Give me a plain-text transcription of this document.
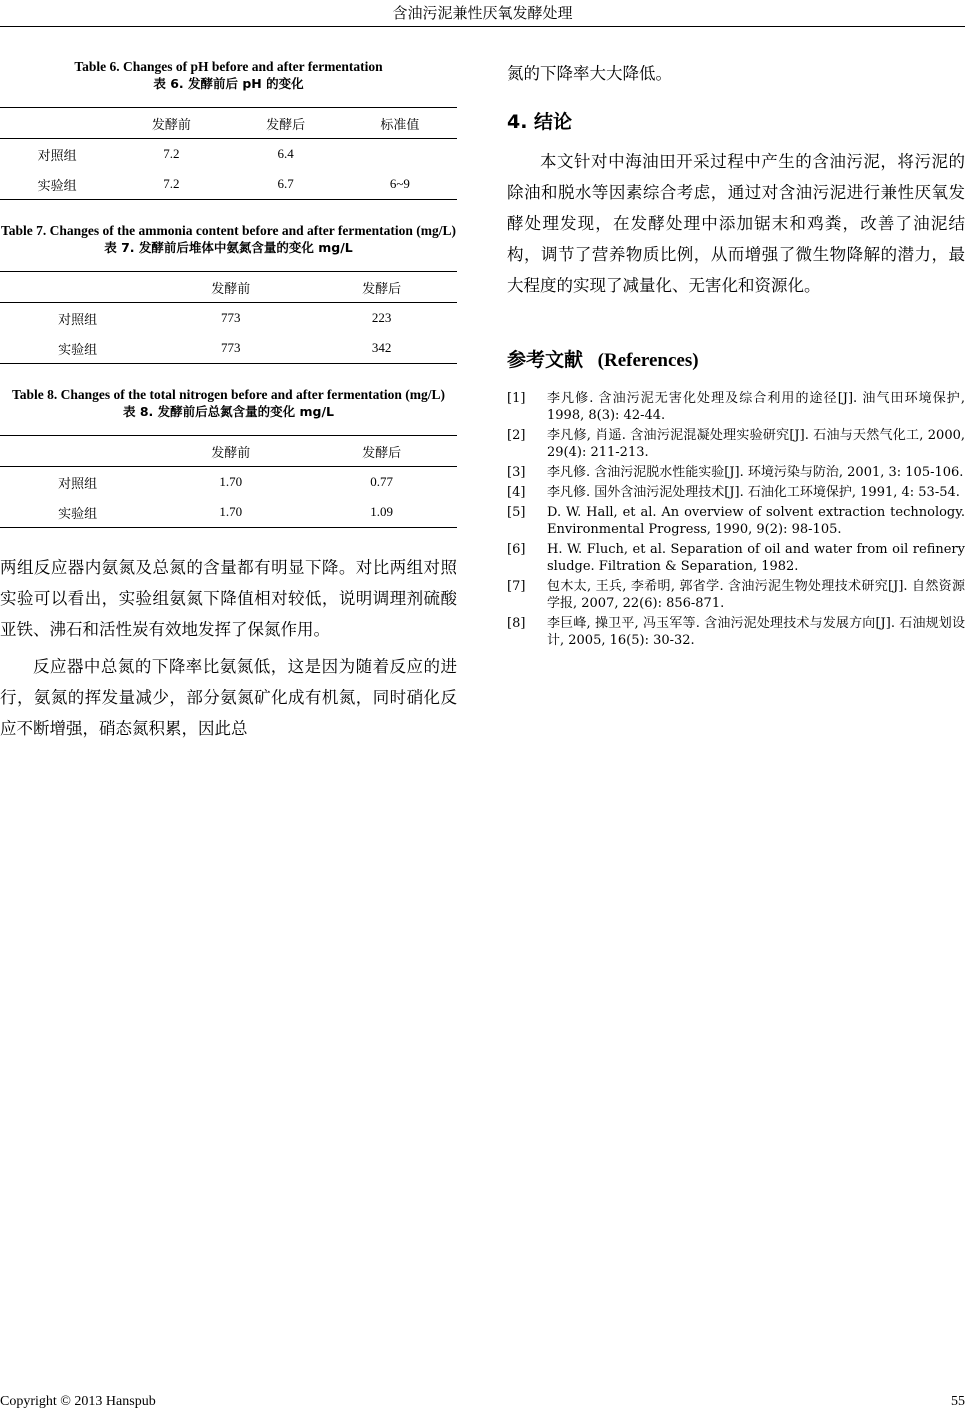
含油污泥兼性厌氧发酵处理
Table 6. Changes of pH before and after fermentation
表 6. 发酵前后 pH 的变化
	发酵前	发酵后	标准值
对照组	7.2	6.4	
实验组	7.2	6.7	6~9
Table 7. Changes of the ammonia content before and after fermentation (mg/L)
表 7. 发酵前后堆体中氨氮含量的变化 mg/L
	发酵前	发酵后
对照组	773	223
实验组	773	342
Table 8. Changes of the total nitrogen before and after fermentation (mg/L)
表 8. 发酵前后总氮含量的变化 mg/L
	发酵前	发酵后
对照组	1.70	0.77
实验组	1.70	1.09

两组反应器内氨氮及总氮的含量都有明显下降。对比两组对照实验可以看出，实验组氨氮下降值相对较低，说明调理剂硫酸亚铁、沸石和活性炭有效地发挥了保氮作用。

反应器中总氮的下降率比氨氮低，这是因为随着反应的进行，氨氮的挥发量减少，部分氨氮矿化成有机氮，同时硝化反应不断增强，硝态氮积累，因此总

氮的下降率大大降低。

4. 结论

本文针对中海油田开采过程中产生的含油污泥，将污泥的除油和脱水等因素综合考虑，通过对含油污泥进行兼性厌氧发酵处理发现，在发酵处理中添加锯末和鸡粪，改善了油泥结构，调节了营养物质比例，从而增强了微生物降解的潜力，最大程度的实现了减量化、无害化和资源化。

参考文献 (References)
[1]	李凡修. 含油污泥无害化处理及综合利用的途径[J]. 油气田环境保护, 1998, 8(3): 42-44.
[2]	李凡修, 肖遥. 含油污泥混凝处理实验研究[J]. 石油与天然气化工, 2000, 29(4): 211-213.
[3]	李凡修. 含油污泥脱水性能实验[J]. 环境污染与防治, 2001, 3: 105-106.
[4]	李凡修. 国外含油污泥处理技术[J]. 石油化工环境保护, 1991, 4: 53-54.
[5]	D. W. Hall, et al. An overview of solvent extraction technology. Environmental Progress, 1990, 9(2): 98-105.
[6]	H. W. Fluch, et al. Separation of oil and water from oil refinery sludge. Filtration & Separation, 1982.
[7]	包木太, 王兵, 李希明, 郭省学. 含油污泥生物处理技术研究[J]. 自然资源学报, 2007, 22(6): 856-871.
[8]	李巨峰, 操卫平, 冯玉军等. 含油污泥处理技术与发展方向[J]. 石油规划设计, 2005, 16(5): 30-32.
Copyright © 2013 Hanspub	55
